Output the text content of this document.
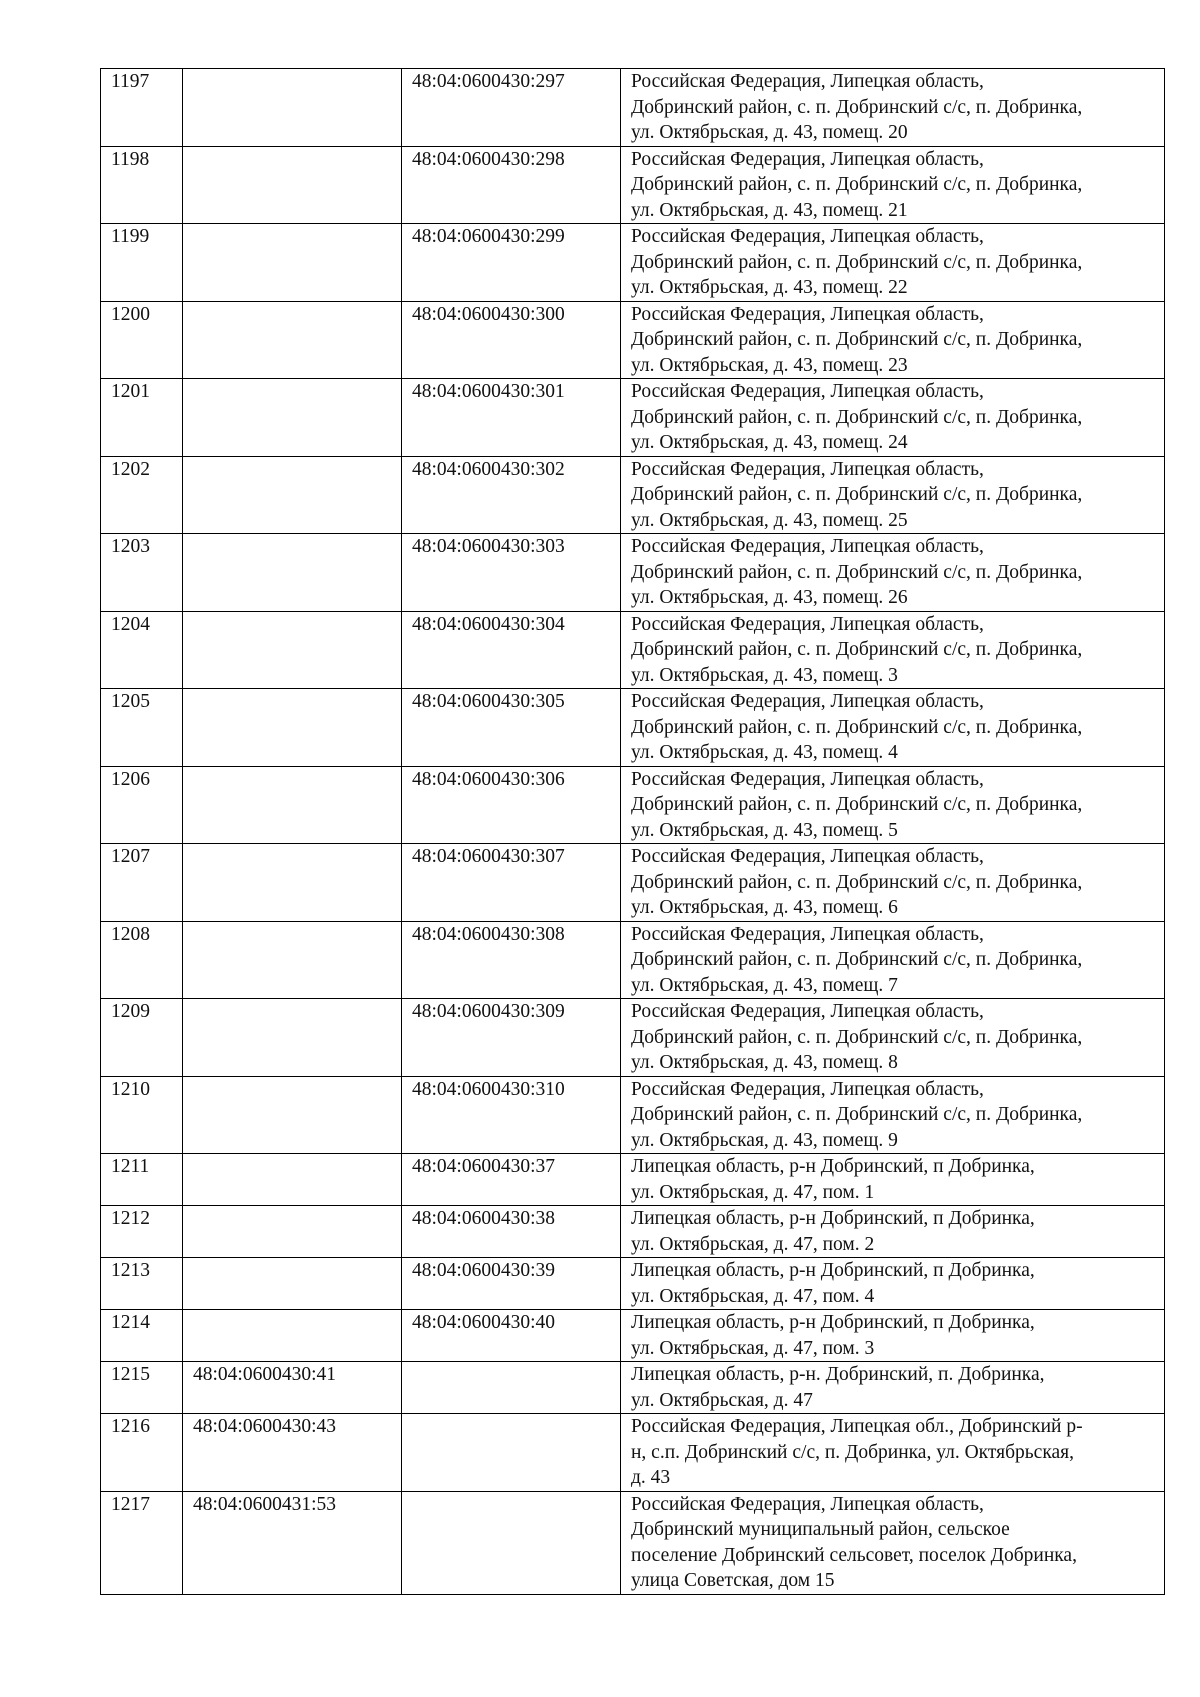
1197		48:04:0600430:297	Российская Федерация, Липецкая область,
Добринский район, с. п. Добринский с/с, п. Добринка,
ул. Октябрьская, д. 43, помещ. 20

1198		48:04:0600430:298	Российская Федерация, Липецкая область,
Добринский район, с. п. Добринский с/с, п. Добринка,
ул. Октябрьская, д. 43, помещ. 21

1199		48:04:0600430:299	Российская Федерация, Липецкая область,
Добринский район, с. п. Добринский с/с, п. Добринка,
ул. Октябрьская, д. 43, помещ. 22

1200		48:04:0600430:300	Российская Федерация, Липецкая область,
Добринский район, с. п. Добринский с/с, п. Добринка,
ул. Октябрьская, д. 43, помещ. 23

1201		48:04:0600430:301	Российская Федерация, Липецкая область,
Добринский район, с. п. Добринский с/с, п. Добринка,
ул. Октябрьская, д. 43, помещ. 24

1202		48:04:0600430:302	Российская Федерация, Липецкая область,
Добринский район, с. п. Добринский с/с, п. Добринка,
ул. Октябрьская, д. 43, помещ. 25

1203		48:04:0600430:303	Российская Федерация, Липецкая область,
Добринский район, с. п. Добринский с/с, п. Добринка,
ул. Октябрьская, д. 43, помещ. 26

1204		48:04:0600430:304	Российская Федерация, Липецкая область,
Добринский район, с. п. Добринский с/с, п. Добринка,
ул. Октябрьская, д. 43, помещ. 3

1205		48:04:0600430:305	Российская Федерация, Липецкая область,
Добринский район, с. п. Добринский с/с, п. Добринка,
ул. Октябрьская, д. 43, помещ. 4

1206		48:04:0600430:306	Российская Федерация, Липецкая область,
Добринский район, с. п. Добринский с/с, п. Добринка,
ул. Октябрьская, д. 43, помещ. 5

1207		48:04:0600430:307	Российская Федерация, Липецкая область,
Добринский район, с. п. Добринский с/с, п. Добринка,
ул. Октябрьская, д. 43, помещ. 6

1208		48:04:0600430:308	Российская Федерация, Липецкая область,
Добринский район, с. п. Добринский с/с, п. Добринка,
ул. Октябрьская, д. 43, помещ. 7

1209		48:04:0600430:309	Российская Федерация, Липецкая область,
Добринский район, с. п. Добринский с/с, п. Добринка,
ул. Октябрьская, д. 43, помещ. 8

1210		48:04:0600430:310	Российская Федерация, Липецкая область,
Добринский район, с. п. Добринский с/с, п. Добринка,
ул. Октябрьская, д. 43, помещ. 9

1211		48:04:0600430:37	Липецкая область, р-н Добринский, п Добринка,
ул. Октябрьская, д. 47, пом. 1

1212		48:04:0600430:38	Липецкая область, р-н Добринский, п Добринка,
ул. Октябрьская, д. 47, пом. 2

1213		48:04:0600430:39	Липецкая область, р-н Добринский, п Добринка,
ул. Октябрьская, д. 47, пом. 4

1214		48:04:0600430:40	Липецкая область, р-н Добринский, п Добринка,
ул. Октябрьская, д. 47, пом. 3

1215	48:04:0600430:41		Липецкая область, р-н. Добринский, п. Добринка,
ул. Октябрьская, д. 47

1216	48:04:0600430:43		Российская Федерация, Липецкая обл., Добринский р-
н, с.п. Добринский с/с, п. Добринка, ул. Октябрьская,
д. 43

1217	48:04:0600431:53		Российская Федерация, Липецкая область,
Добринский муниципальный район, сельское
поселение Добринский сельсовет, поселок Добринка,
улица Советская, дом 15
